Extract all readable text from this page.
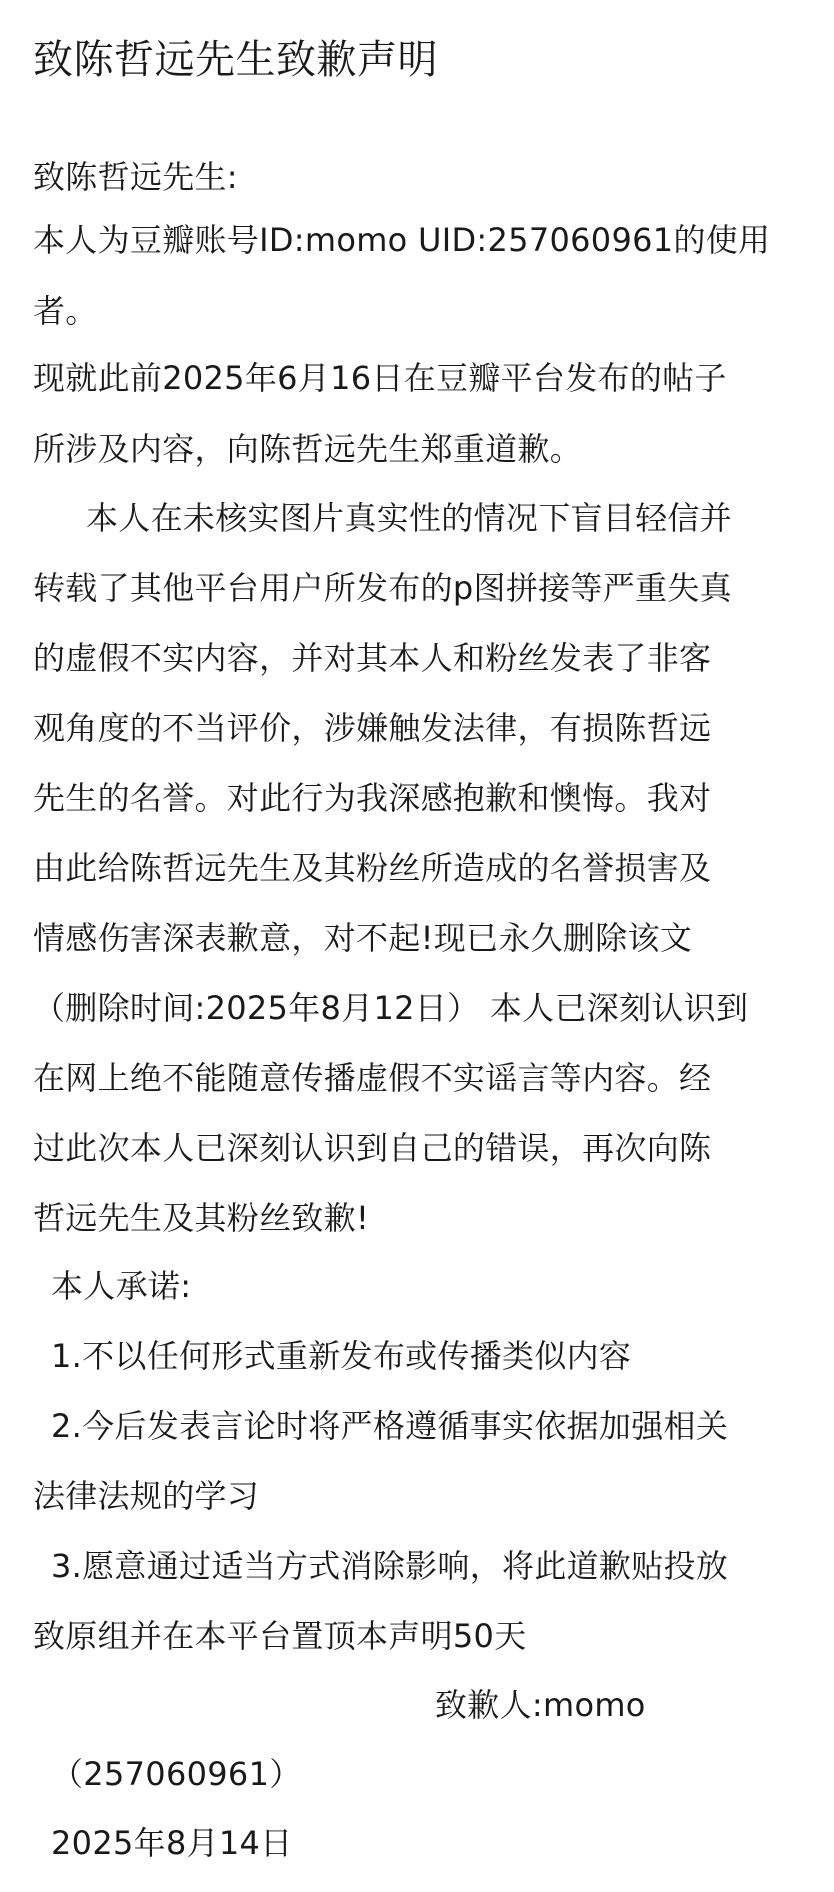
致陈哲远先生致歉声明
致陈哲远先生:
本人为豆瓣账号ID:momo UID:257060961的使用
者。
现就此前2025年6月16日在豆瓣平台发布的帖子
所涉及内容，向陈哲远先生郑重道歉。
本人在未核实图片真实性的情况下盲目轻信并
转载了其他平台用户所发布的p图拼接等严重失真
的虚假不实内容，并对其本人和粉丝发表了非客
观角度的不当评价，涉嫌触发法律，有损陈哲远
先生的名誉。对此行为我深感抱歉和懊悔。我对
由此给陈哲远先生及其粉丝所造成的名誉损害及
情感伤害深表歉意，对不起!现已永久删除该文
（删除时间:2025年8月12日） 本人已深刻认识到
在网上绝不能随意传播虚假不实谣言等内容。经
过此次本人已深刻认识到自己的错误，再次向陈
哲远先生及其粉丝致歉!
本人承诺:
1.不以任何形式重新发布或传播类似内容
2.今后发表言论时将严格遵循事实依据加强相关
法律法规的学习
3.愿意通过适当方式消除影响，将此道歉贴投放
致原组并在本平台置顶本声明50天
致歉人:momo
（257060961）
2025年8月14日
